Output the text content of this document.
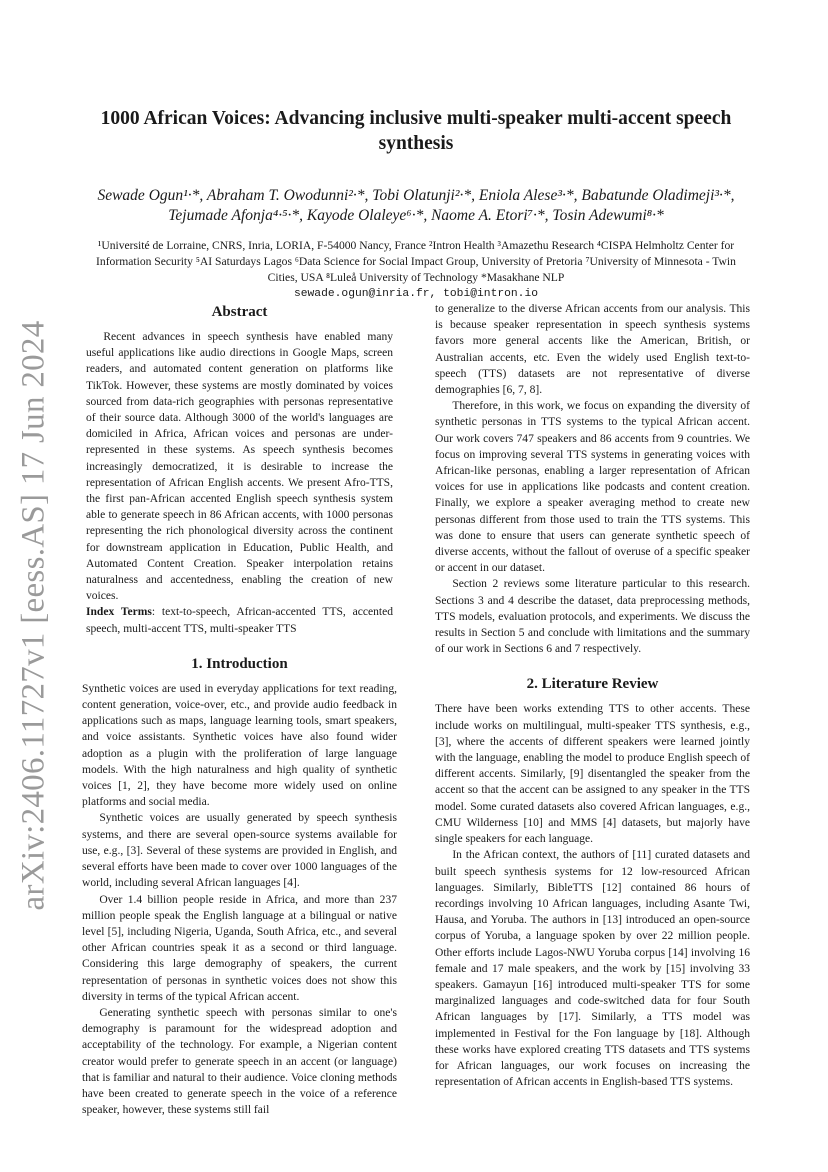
arXiv:2406.11727v1 [eess.AS] 17 Jun 2024
1000 African Voices: Advancing inclusive multi-speaker multi-accent speech synthesis
Sewade Ogun¹·*, Abraham T. Owodunni²·*, Tobi Olatunji²·*, Eniola Alese³·*, Babatunde Oladimeji³·*, Tejumade Afonja⁴·⁵·*, Kayode Olaleye⁶·*, Naome A. Etori⁷·*, Tosin Adewumi⁸·*
¹Université de Lorraine, CNRS, Inria, LORIA, F-54000 Nancy, France ²Intron Health ³Amazethu Research ⁴CISPA Helmholtz Center for Information Security ⁵AI Saturdays Lagos ⁶Data Science for Social Impact Group, University of Pretoria ⁷University of Minnesota - Twin Cities, USA ⁸Luleå University of Technology *Masakhane NLP
sewade.ogun@inria.fr, tobi@intron.io
Abstract

Recent advances in speech synthesis have enabled many useful applications like audio directions in Google Maps, screen readers, and automated content generation on platforms like TikTok. However, these systems are mostly dominated by voices sourced from data-rich geographies with personas representative of their source data. Although 3000 of the world's languages are domiciled in Africa, African voices and personas are under-represented in these systems. As speech synthesis becomes increasingly democratized, it is desirable to increase the representation of African English accents. We present Afro-TTS, the first pan-African accented English speech synthesis system able to generate speech in 86 African accents, with 1000 personas representing the rich phonological diversity across the continent for downstream application in Education, Public Health, and Automated Content Creation. Speaker interpolation retains naturalness and accentedness, enabling the creation of new voices.

Index Terms: text-to-speech, African-accented TTS, accented speech, multi-accent TTS, multi-speaker TTS

1. Introduction

Synthetic voices are used in everyday applications for text reading, content generation, voice-over, etc., and provide audio feedback in applications such as maps, language learning tools, smart speakers, and voice assistants. Synthetic voices have also found wider adoption as a plugin with the proliferation of large language models. With the high naturalness and high quality of synthetic voices [1, 2], they have become more widely used on online platforms and social media.

Synthetic voices are usually generated by speech synthesis systems, and there are several open-source systems available for use, e.g., [3]. Several of these systems are provided in English, and several efforts have been made to cover over 1000 languages of the world, including several African languages [4].

Over 1.4 billion people reside in Africa, and more than 237 million people speak the English language at a bilingual or native level [5], including Nigeria, Uganda, South Africa, etc., and several other African countries speak it as a second or third language. Considering this large demography of speakers, the current representation of personas in synthetic voices does not show this diversity in terms of the typical African accent.

Generating synthetic speech with personas similar to one's demography is paramount for the widespread adoption and acceptability of the technology. For example, a Nigerian content creator would prefer to generate speech in an accent (or language) that is familiar and natural to their audience. Voice cloning methods have been created to generate speech in the voice of a reference speaker, however, these systems still fail

to generalize to the diverse African accents from our analysis. This is because speaker representation in speech synthesis systems favors more general accents like the American, British, or Australian accents, etc. Even the widely used English text-to-speech (TTS) datasets are not representative of diverse demographies [6, 7, 8].

Therefore, in this work, we focus on expanding the diversity of synthetic personas in TTS systems to the typical African accent. Our work covers 747 speakers and 86 accents from 9 countries. We focus on improving several TTS systems in generating voices with African-like personas, enabling a larger representation of African voices for use in applications like podcasts and content creation. Finally, we explore a speaker averaging method to create new personas different from those used to train the TTS systems. This was done to ensure that users can generate synthetic speech of diverse accents, without the fallout of overuse of a specific speaker or accent in our dataset.

Section 2 reviews some literature particular to this research. Sections 3 and 4 describe the dataset, data preprocessing methods, TTS models, evaluation protocols, and experiments. We discuss the results in Section 5 and conclude with limitations and the summary of our work in Sections 6 and 7 respectively.

2. Literature Review

There have been works extending TTS to other accents. These include works on multilingual, multi-speaker TTS synthesis, e.g., [3], where the accents of different speakers were learned jointly with the language, enabling the model to produce English speech of different accents. Similarly, [9] disentangled the speaker from the accent so that the accent can be assigned to any speaker in the TTS model. Some curated datasets also covered African languages, e.g., CMU Wilderness [10] and MMS [4] datasets, but majorly have single speakers for each language.

In the African context, the authors of [11] curated datasets and built speech synthesis systems for 12 low-resourced African languages. Similarly, BibleTTS [12] contained 86 hours of recordings involving 10 African languages, including Asante Twi, Hausa, and Yoruba. The authors in [13] introduced an open-source corpus of Yoruba, a language spoken by over 22 million people. Other efforts include Lagos-NWU Yoruba corpus [14] involving 16 female and 17 male speakers, and the work by [15] involving 33 speakers. Gamayun [16] introduced multi-speaker TTS for some marginalized languages and code-switched data for four South African languages by [17]. Similarly, a TTS model was implemented in Festival for the Fon language by [18]. Although these works have explored creating TTS datasets and TTS systems for African languages, our work focuses on increasing the representation of African accents in English-based TTS systems.
